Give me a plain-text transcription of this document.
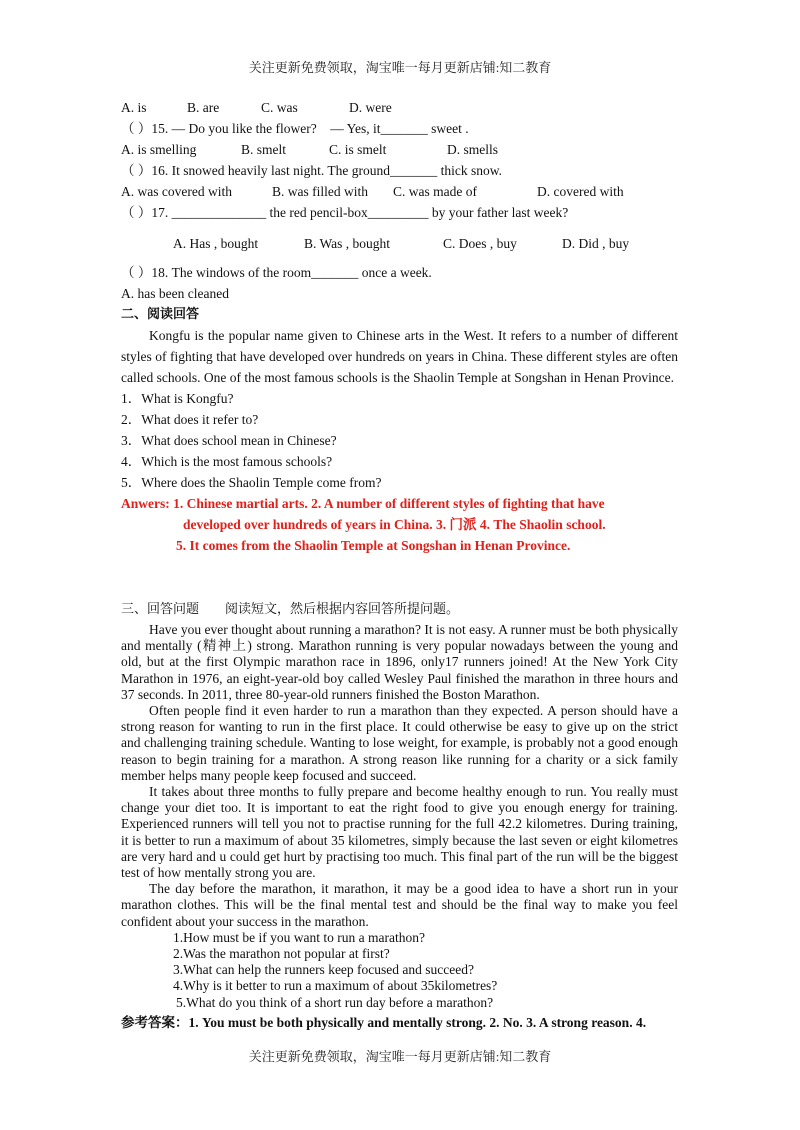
关注更新免费领取，淘宝唯一每月更新店铺:知二教育
A. is	B. are	C. was	D. were
（ ）15. — Do you like the flower?　— Yes, it_______ sweet .
A. is smelling	B. smelt	C. is smelt	D. smells
（ ）16. It snowed heavily last night. The ground_______ thick snow.
A. was covered with	B. was filled with	C. was made of	D. covered with
（ ）17. ______________ the red pencil-box_________ by your father last week?
A. Has , bought	B. Was , bought	C. Does , buy	D. Did , buy
（ ）18. The windows of the room_______ once a week.
A. has been cleaned
二、阅读回答

Kongfu is the popular name given to Chinese arts in the West. It refers to a number of different styles of fighting that have developed over hundreds on years in China. These different styles are often called schools. One of the most famous schools is the Shaolin Temple at Songshan in Henan Province.

1．What is Kongfu?
2．What does it refer to?
3．What does school mean in Chinese?
4．Which is the most famous schools?
5．Where does the Shaolin Temple come from?
Anwers: 1. Chinese martial arts. 2. A number of different styles of fighting that have
developed over hundreds of years in China. 3. 门派 4. The Shaolin school.
5. It comes from the Shaolin Temple at Songshan in Henan Province.
三、回答问题　　阅读短文，然后根据内容回答所提问题。

Have you ever thought about running a marathon? It is not easy. A runner must be both physically and mentally (精神上) strong. Marathon running is very popular nowadays between the young and old, but at the first Olympic marathon race in 1896, only17 runners joined! At the New York City Marathon in 1976, an eight-year-old boy called Wesley Paul finished the marathon in three hours and 37 seconds. In 2011, three 80-year-old runners finished the Boston Marathon.

Often people find it even harder to run a marathon than they expected. A person should have a strong reason for wanting to run in the first place. It could otherwise be easy to give up on the strict and challenging training schedule. Wanting to lose weight, for example, is probably not a good enough reason to begin training for a marathon. A strong reason like running for a charity or a sick family member helps many people keep focused and succeed.

It takes about three months to fully prepare and become healthy enough to run. You really must change your diet too. It is important to eat the right food to give you enough energy for training. Experienced runners will tell you not to practise running for the full 42.2 kilometres. During training, it is better to run a maximum of about 35 kilometres, simply because the last seven or eight kilometres are very hard and u could get hurt by practising too much. This final part of the run will be the biggest test of how mentally strong you are.

The day before the marathon, it marathon, it may be a good idea to have a short run in your marathon clothes. This will be the final mental test and should be the final way to make you feel confident about your success in the marathon.

1.How must be if you want to run a marathon?
2.Was the marathon not popular at first?
3.What can help the runners keep focused and succeed?
4.Why is it better to run a maximum of about 35kilometres?
5.What do you think of a short run day before a marathon?
参考答案：1. You must be both physically and mentally strong. 2. No. 3. A strong reason. 4.
关注更新免费领取，淘宝唯一每月更新店铺:知二教育
